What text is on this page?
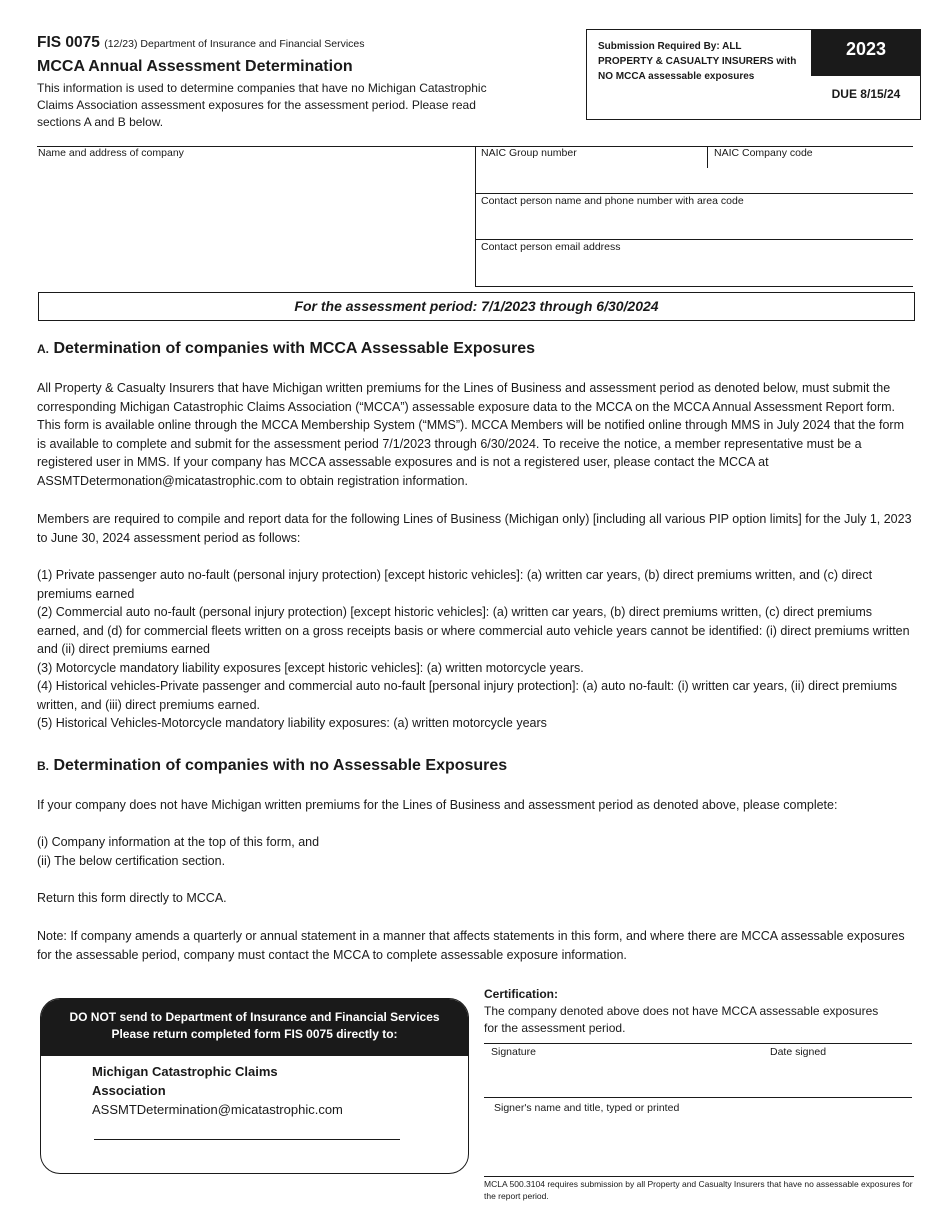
FIS 0075 (12/23) Department of Insurance and Financial Services
MCCA Annual Assessment Determination
This information is used to determine companies that have no Michigan Catastrophic Claims Association assessment exposures for the assessment period. Please read sections A and B below.
Submission Required By: ALL PROPERTY & CASUALTY INSURERS with NO MCCA assessable exposures
2023
DUE 8/15/24
Name and address of company	NAIC Group number	NAIC Company code
Contact person name and phone number with area code
Contact person email address
For the assessment period: 7/1/2023 through 6/30/2024
A. Determination of companies with MCCA Assessable Exposures
All Property & Casualty Insurers that have Michigan written premiums for the Lines of Business and assessment period as denoted below, must submit the corresponding Michigan Catastrophic Claims Association (“MCCA”) assessable exposure data to the MCCA on the MCCA Annual Assessment Report form. This form is available online through the MCCA Membership System (“MMS”). MCCA Members will be notified online through MMS in July 2024 that the form is available to complete and submit for the assessment period 7/1/2023 through 6/30/2024. To receive the notice, a member representative must be a registered user in MMS. If your company has MCCA assessable exposures and is not a registered user, please contact the MCCA at ASSMTDetermonation@micatastrophic.com to obtain registration information.
Members are required to compile and report data for the following Lines of Business (Michigan only) [including all various PIP option limits] for the July 1, 2023 to June 30, 2024 assessment period as follows:
(1) Private passenger auto no-fault (personal injury protection) [except historic vehicles]: (a) written car years, (b) direct premiums written, and (c) direct premiums earned
(2) Commercial auto no-fault (personal injury protection) [except historic vehicles]: (a) written car years, (b) direct premiums written, (c) direct premiums earned, and (d) for commercial fleets written on a gross receipts basis or where commercial auto vehicle years cannot be identified: (i) direct premiums written and (ii) direct premiums earned
(3) Motorcycle mandatory liability exposures [except historic vehicles]: (a) written motorcycle years.
(4) Historical vehicles-Private passenger and commercial auto no-fault [personal injury protection]: (a) auto no-fault: (i) written car years, (ii) direct premiums written, and (iii) direct premiums earned.
(5) Historical Vehicles-Motorcycle mandatory liability exposures: (a) written motorcycle years
B. Determination of companies with no Assessable Exposures
If your company does not have Michigan written premiums for the Lines of Business and assessment period as denoted above, please complete:
(i) Company information at the top of this form, and
(ii) The below certification section.
Return this form directly to MCCA.
Note: If company amends a quarterly or annual statement in a manner that affects statements in this form, and where there are MCCA assessable exposures for the assessable period, company must contact the MCCA to complete assessable exposure information.
DO NOT send to Department of Insurance and Financial Services
Please return completed form FIS 0075 directly to:
Michigan Catastrophic Claims
Association
ASSMTDetermination@micatastrophic.com
Certification:
The company denoted above does not have MCCA assessable exposures for the assessment period.
Signature	Date signed
Signer's name and title, typed or printed
MCLA 500.3104 requires submission by all Property and Casualty Insurers that have no assessable exposures for the report period.
